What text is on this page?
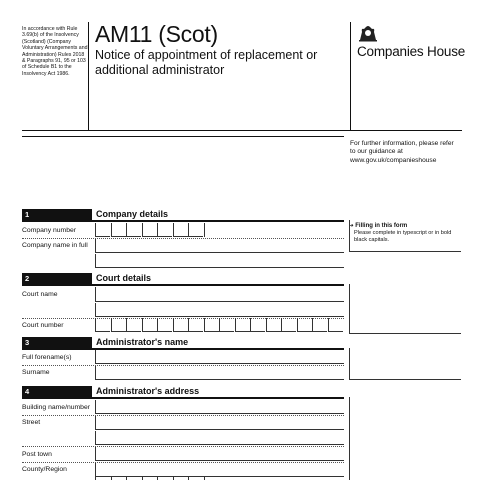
In accordance with Rule 3.69(b) of the Insolvency (Scotland) (Company Voluntary Arrangements and Administration) Rules 2018 & Paragraphs 91, 95 or 103 of Schedule B1 to the Insolvency Act 1986.
AM11 (Scot)
Notice of appointment of replacement or additional administrator
Companies House
For further information, please refer to our guidance at www.gov.uk/companieshouse
1	Company details
Company number
Company name in full
➔ Filling in this form
Please complete in typescript or in bold black capitals.
2	Court details
Court name
Court number
3	Administrator's name
Full forename(s)
Surname
4	Administrator's address
Building name/number
Street
Post town
County/Region
